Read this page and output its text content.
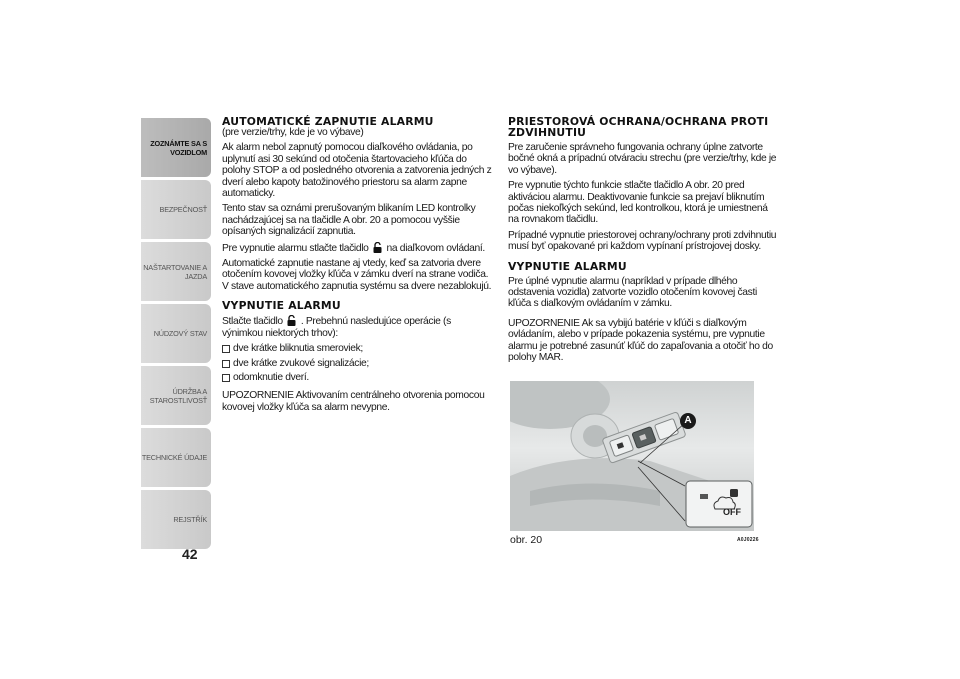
ZOZNÁMTE SA S
VOZIDLOM
BEZPEČNOSŤ
NAŠTARTOVANIE A
JAZDA
NÚDZOVÝ STAV
ÚDRŽBA A
STAROSTLIVOSŤ
TECHNICKÉ ÚDAJE
REJSTŘÍK
42
AUTOMATICKÉ ZAPNUTIE ALARMU

(pre verzie/trhy, kde je vo výbave)

Ak alarm nebol zapnutý pomocou diaľkového ovládania, po uplynutí asi 30 sekúnd od otočenia štartovacieho kľúča do polohy STOP a od posledného otvorenia a zatvorenia jedných z dverí alebo kapoty batožinového priestoru sa alarm zapne automaticky.

Tento stav sa oznámi prerušovaným blikaním LED kontrolky nachádzajúcej sa na tlačidle A obr. 20 a pomocou vyššie opísaných signalizácií zapnutia.

Pre vypnutie alarmu stlačte tlačidlo na diaľkovom ovládaní.

Automatické zapnutie nastane aj vtedy, keď sa zatvoria dvere otočením kovovej vložky kľúča v zámku dverí na strane vodiča. V stave automatického zapnutia systému sa dvere nezablokujú.

VYPNUTIE ALARMU

Stlačte tlačidlo . Prebehnú nasledujúce operácie (s výnimkou niektorých trhov):

dve krátke bliknutia smeroviek;
dve krátke zvukové signalizácie;
odomknutie dverí.

UPOZORNENIE Aktivovaním centrálneho otvorenia pomocou kovovej vložky kľúča sa alarm nevypne.

PRIESTOROVÁ OCHRANA/OCHRANA PROTI ZDVIHNUTIU

Pre zaručenie správneho fungovania ochrany úplne zatvorte bočné okná a prípadnú otváraciu strechu (pre verzie/trhy, kde je vo výbave).

Pre vypnutie týchto funkcie stlačte tlačidlo A obr. 20 pred aktiváciou alarmu. Deaktivovanie funkcie sa prejaví bliknutím počas niekoľkých sekúnd, led kontrolkou, ktorá je umiestnená na rovnakom tlačidlu.

Prípadné vypnutie priestorovej ochrany/ochrany proti zdvihnutiu musí byť opakované pri každom vypínaní prístrojovej dosky.

VYPNUTIE ALARMU

Pre úplné vypnutie alarmu (napríklad v prípade dlhého odstavenia vozidla) zatvorte vozidlo otočením kovovej časti kľúča s diaľkovým ovládaním v zámku.

UPOZORNENIE Ak sa vybijú batérie v kľúči s diaľkovým ovládaním, alebo v prípade pokazenia systému, pre vypnutie alarmu je potrebné zasunúť kľúč do zapaľovania a otočiť ho do polohy MAR.

A
OFF
obr. 20	A0J0226
